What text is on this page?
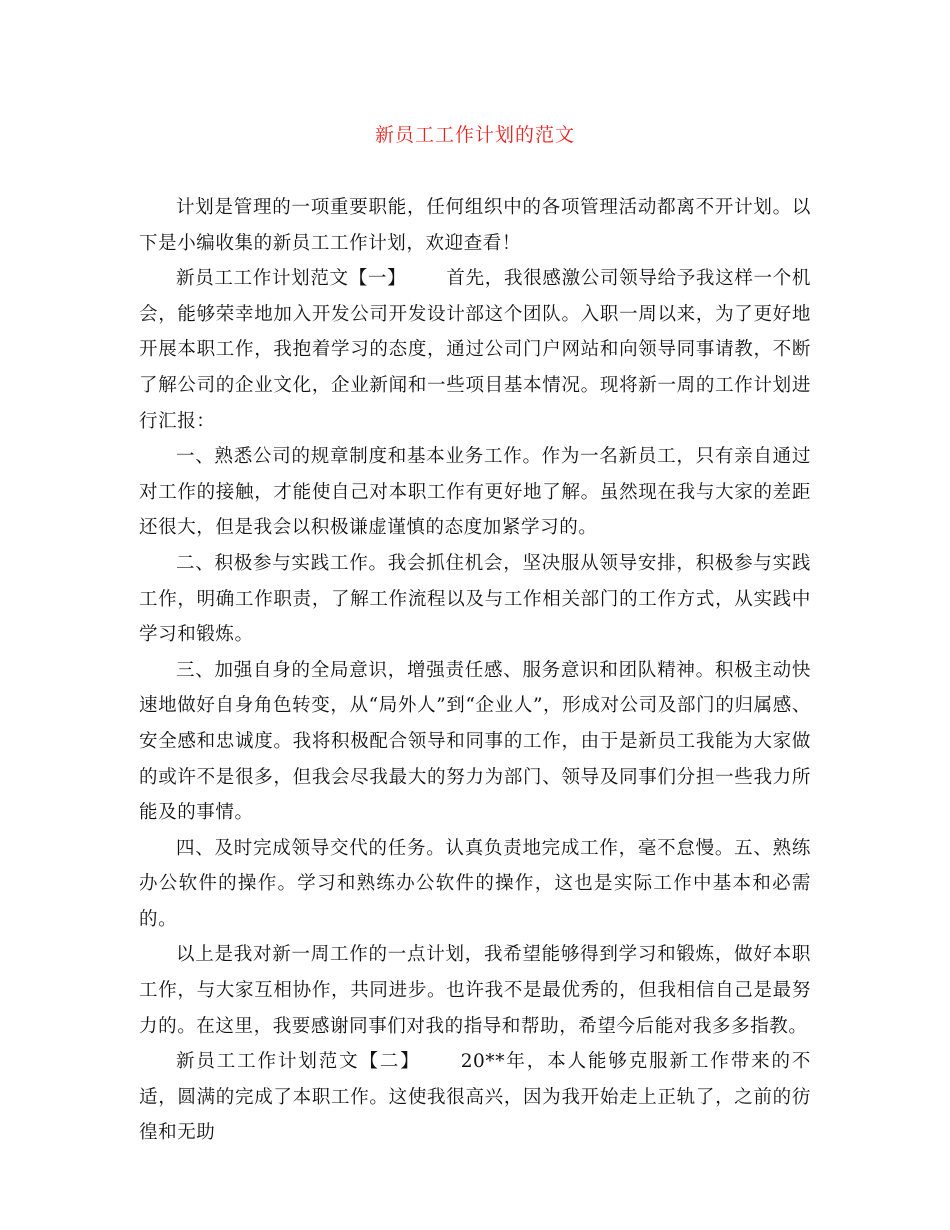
新员工工作计划的范文

计划是管理的一项重要职能，任何组织中的各项管理活动都离不开计划。以下是小编收集的新员工工作计划，欢迎查看！

新员工工作计划范文【一】 首先，我很感激公司领导给予我这样一个机会，能够荣幸地加入开发公司开发设计部这个团队。入职一周以来，为了更好地开展本职工作，我抱着学习的态度，通过公司门户网站和向领导同事请教，不断了解公司的企业文化，企业新闻和一些项目基本情况。现将新一周的工作计划进行汇报：

一、熟悉公司的规章制度和基本业务工作。作为一名新员工，只有亲自通过对工作的接触，才能使自己对本职工作有更好地了解。虽然现在我与大家的差距还很大，但是我会以积极谦虚谨慎的态度加紧学习的。

二、积极参与实践工作。我会抓住机会，坚决服从领导安排，积极参与实践工作，明确工作职责，了解工作流程以及与工作相关部门的工作方式，从实践中学习和锻炼。

三、加强自身的全局意识，增强责任感、服务意识和团队精神。积极主动快速地做好自身角色转变，从“局外人”到“企业人”，形成对公司及部门的归属感、安全感和忠诚度。我将积极配合领导和同事的工作，由于是新员工我能为大家做的或许不是很多，但我会尽我最大的努力为部门、领导及同事们分担一些我力所能及的事情。

四、及时完成领导交代的任务。认真负责地完成工作，毫不怠慢。五、熟练办公软件的操作。学习和熟练办公软件的操作，这也是实际工作中基本和必需的。

以上是我对新一周工作的一点计划，我希望能够得到学习和锻炼，做好本职工作，与大家互相协作，共同进步。也许我不是最优秀的，但我相信自己是最努力的。在这里，我要感谢同事们对我的指导和帮助，希望今后能对我多多指教。

新员工工作计划范文【二】 20**年，本人能够克服新工作带来的不适，圆满的完成了本职工作。这使我很高兴，因为我开始走上正轨了，之前的彷徨和无助
